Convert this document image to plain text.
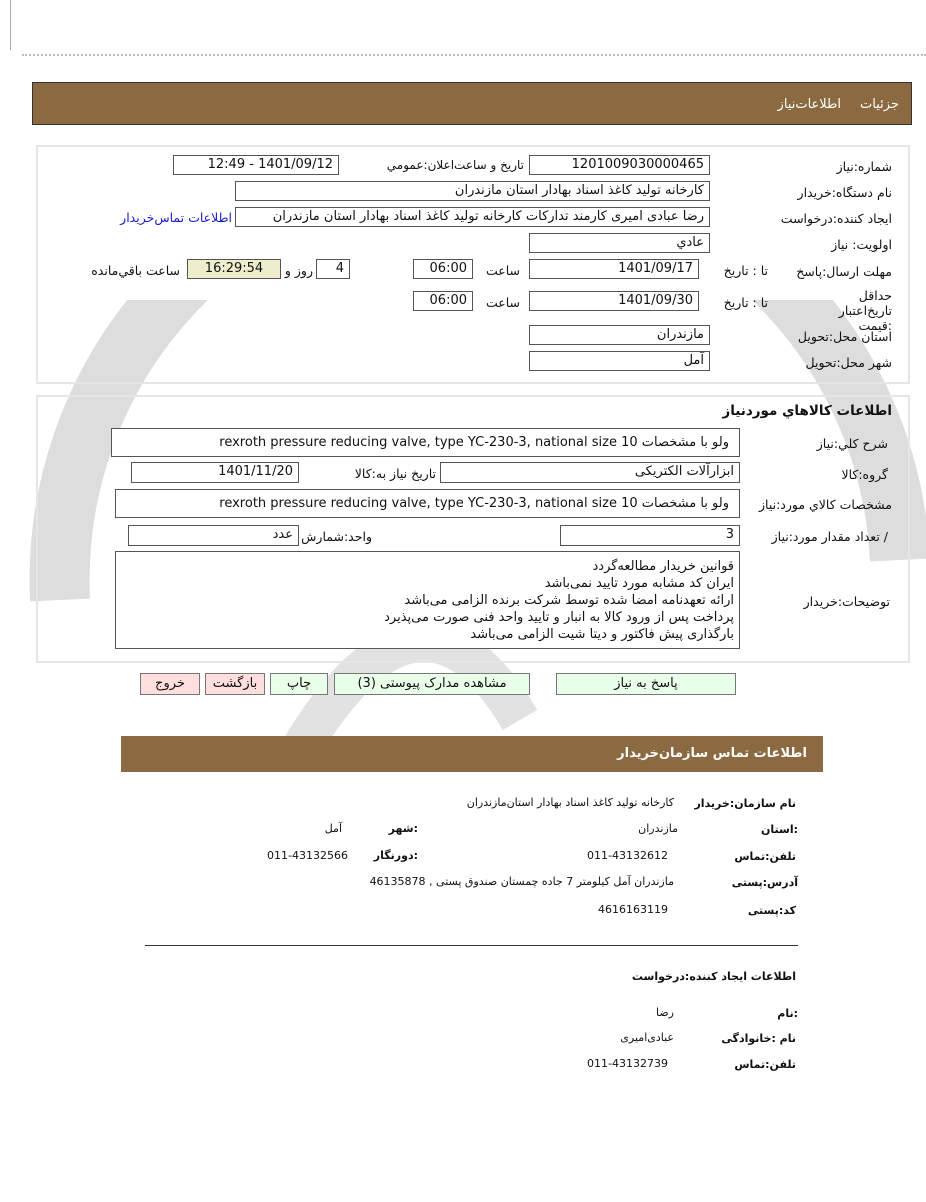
جزئیات
اطلاعات‌نیاز
شماره:نیاز
1201009030000465
تاریخ و ساعت‌اعلان:عمومي
1401/09/12 - 12:49
نام دستگاه:خریدار
کارخانه تولید کاغذ اسناد بهادار استان مازندران
ایجاد کننده:درخواست
رضا عبادی امیری کارمند تدارکات کارخانه تولید کاغذ اسناد بهادار استان مازندران
اطلاعات تماس‌خریدار
اولویت: نیاز
عادي
مهلت ارسال:پاسخ
تا : تاریخ
1401/09/17
ساعت
06:00
4
روز و
16:29:54
ساعت باقي‌مانده
حداقل تاریخ‌اعتبار :قیمت
تا : تاریخ
1401/09/30
ساعت
06:00
استان محل:تحویل
مازندران
شهر محل:تحویل
آمل
اطلاعات کالاهاي موردنیاز
شرح کلي:نیاز
ولو با مشخصات rexroth pressure reducing valve, type YC-230-3, national size 10
گروه:کالا
ابزارآلات الکتریکی
تاریخ نیاز به:کالا
1401/11/20
مشخصات کالاي مورد:نیاز
ولو با مشخصات rexroth pressure reducing valve, type YC-230-3, national size 10
/ تعداد مقدار مورد:نیاز
3
واحد:شمارش
عدد
توضیحات:خریدار
قوانین خریدار مطالعه‌گردد
ایران کد مشابه مورد تایید نمی‌باشد
ارائه تعهدنامه امضا شده توسط شرکت برنده الزامی می‌باشد
پرداخت پس از ورود کالا به انبار و تایید واحد فنی صورت می‌پذیرد
بارگذاری پیش فاکتور و دیتا شیت الزامی می‌باشد
پاسخ به نیاز
مشاهده مدارک پیوستی (3)
چاپ
بازگشت
خروج
اطلاعات تماس سازمان‌خریدار
نام سازمان:خریدار
کارخانه تولید کاغذ اسناد بهادار استان‌مازندران
:استان
مازندران
:شهر
آمل
تلفن:تماس
011-43132612
:دورنگار
011-43132566
آدرس:پستی
مازندران آمل کیلومتر 7 جاده چمستان صندوق پستی , 46135878
کد:پستی
4616163119
اطلاعات ایجاد کننده:درخواست
:نام
رضا
نام :خانوادگی
عبادی‌امیری
تلفن:تماس
011-43132739
